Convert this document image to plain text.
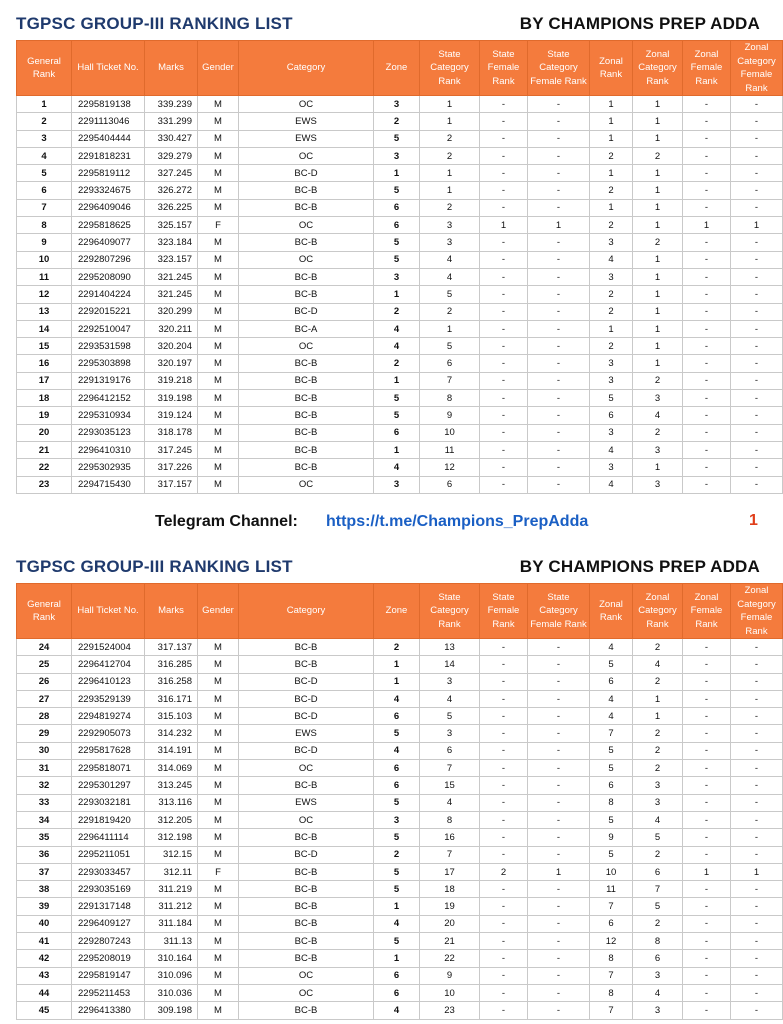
TGPSC GROUP-III RANKING LIST	BY CHAMPIONS PREP ADDA
General Rank	Hall Ticket No.	Marks	Gender	Category	Zone	State Category Rank	State Female Rank	State Category Female Rank	Zonal Rank	Zonal Category Rank	Zonal Female Rank	Zonal Category Female Rank
1	2295819138	339.239	M	OC	3	1	-	-	1	1	-	-
2	2291113046	331.299	M	EWS	2	1	-	-	1	1	-	-
3	2295404444	330.427	M	EWS	5	2	-	-	1	1	-	-
4	2291818231	329.279	M	OC	3	2	-	-	2	2	-	-
5	2295819112	327.245	M	BC-D	1	1	-	-	1	1	-	-
6	2293324675	326.272	M	BC-B	5	1	-	-	2	1	-	-
7	2296409046	326.225	M	BC-B	6	2	-	-	1	1	-	-
8	2295818625	325.157	F	OC	6	3	1	1	2	1	1	1
9	2296409077	323.184	M	BC-B	5	3	-	-	3	2	-	-
10	2292807296	323.157	M	OC	5	4	-	-	4	1	-	-
11	2295208090	321.245	M	BC-B	3	4	-	-	3	1	-	-
12	2291404224	321.245	M	BC-B	1	5	-	-	2	1	-	-
13	2292015221	320.299	M	BC-D	2	2	-	-	2	1	-	-
14	2292510047	320.211	M	BC-A	4	1	-	-	1	1	-	-
15	2293531598	320.204	M	OC	4	5	-	-	2	1	-	-
16	2295303898	320.197	M	BC-B	2	6	-	-	3	1	-	-
17	2291319176	319.218	M	BC-B	1	7	-	-	3	2	-	-
18	2296412152	319.198	M	BC-B	5	8	-	-	5	3	-	-
19	2295310934	319.124	M	BC-B	5	9	-	-	6	4	-	-
20	2293035123	318.178	M	BC-B	6	10	-	-	3	2	-	-
21	2296410310	317.245	M	BC-B	1	11	-	-	4	3	-	-
22	2295302935	317.226	M	BC-B	4	12	-	-	3	1	-	-
23	2294715430	317.157	M	OC	3	6	-	-	4	3	-	-
Telegram Channel: https://t.me/Champions_PrepAdda	1
TGPSC GROUP-III RANKING LIST	BY CHAMPIONS PREP ADDA
General Rank	Hall Ticket No.	Marks	Gender	Category	Zone	State Category Rank	State Female Rank	State Category Female Rank	Zonal Rank	Zonal Category Rank	Zonal Female Rank	Zonal Category Female Rank
24	2291524004	317.137	M	BC-B	2	13	-	-	4	2	-	-
25	2296412704	316.285	M	BC-B	1	14	-	-	5	4	-	-
26	2296410123	316.258	M	BC-D	1	3	-	-	6	2	-	-
27	2293529139	316.171	M	BC-D	4	4	-	-	4	1	-	-
28	2294819274	315.103	M	BC-D	6	5	-	-	4	1	-	-
29	2292905073	314.232	M	EWS	5	3	-	-	7	2	-	-
30	2295817628	314.191	M	BC-D	4	6	-	-	5	2	-	-
31	2295818071	314.069	M	OC	6	7	-	-	5	2	-	-
32	2295301297	313.245	M	BC-B	6	15	-	-	6	3	-	-
33	2293032181	313.116	M	EWS	5	4	-	-	8	3	-	-
34	2291819420	312.205	M	OC	3	8	-	-	5	4	-	-
35	2296411114	312.198	M	BC-B	5	16	-	-	9	5	-	-
36	2295211051	312.15	M	BC-D	2	7	-	-	5	2	-	-
37	2293033457	312.11	F	BC-B	5	17	2	1	10	6	1	1
38	2293035169	311.219	M	BC-B	5	18	-	-	11	7	-	-
39	2291317148	311.212	M	BC-B	1	19	-	-	7	5	-	-
40	2296409127	311.184	M	BC-B	4	20	-	-	6	2	-	-
41	2292807243	311.13	M	BC-B	5	21	-	-	12	8	-	-
42	2295208019	310.164	M	BC-B	1	22	-	-	8	6	-	-
43	2295819147	310.096	M	OC	6	9	-	-	7	3	-	-
44	2295211453	310.036	M	OC	6	10	-	-	8	4	-	-
45	2296413380	309.198	M	BC-B	4	23	-	-	7	3	-	-
